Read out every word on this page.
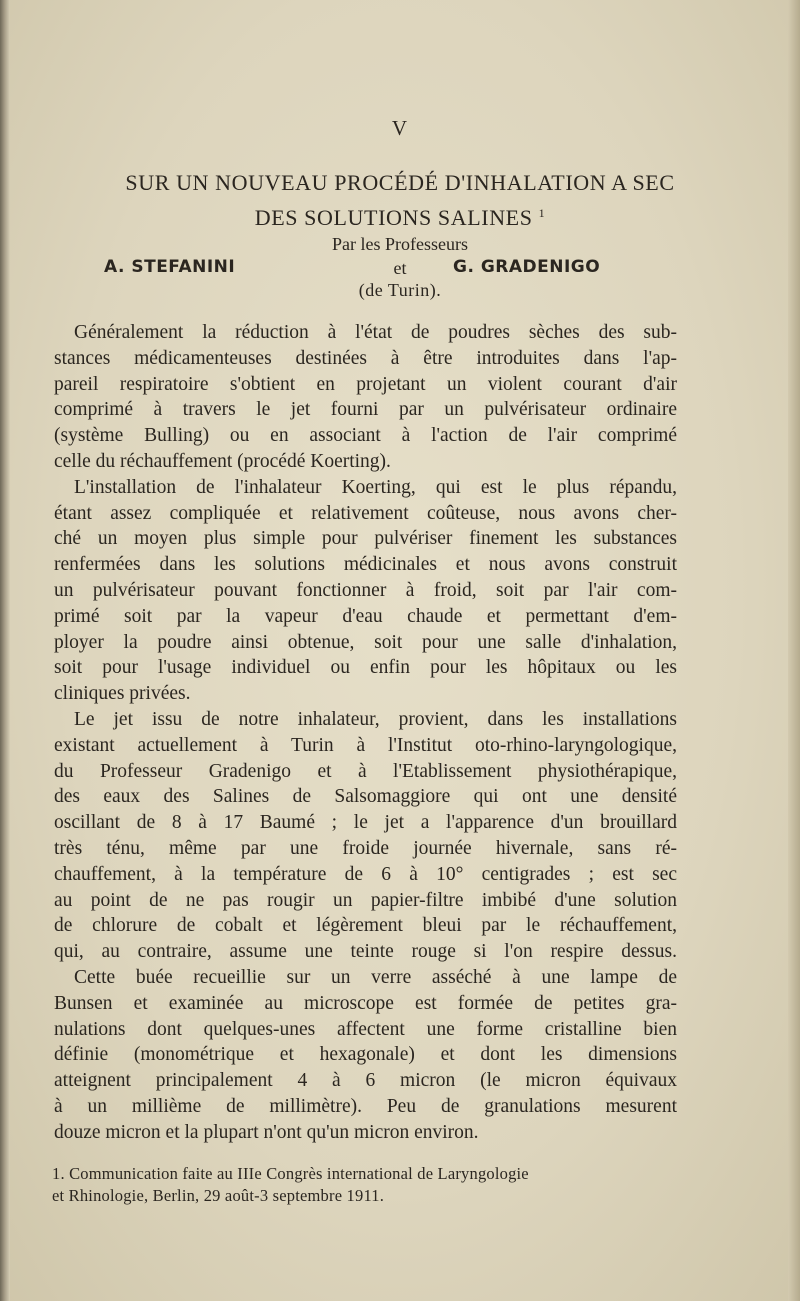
V
SUR UN NOUVEAU PROCÉDÉ D'INHALATION A SEC
DES SOLUTIONS SALINES $^1$
Par les Professeurs
A. STEFANINI	et	G. GRADENIGO
(de Turin).
Généralement la réduction à l'état de poudres sèches des sub-
stances médicamenteuses destinées à être introduites dans l'ap-
pareil respiratoire s'obtient en projetant un violent courant d'air
comprimé à travers le jet fourni par un pulvérisateur ordinaire
(système Bulling) ou en associant à l'action de l'air comprimé
celle du réchauffement (procédé Koerting).
L'installation de l'inhalateur Koerting, qui est le plus répandu,
étant assez compliquée et relativement coûteuse, nous avons cher-
ché un moyen plus simple pour pulvériser finement les substances
renfermées dans les solutions médicinales et nous avons construit
un pulvérisateur pouvant fonctionner à froid, soit par l'air com-
primé soit par la vapeur d'eau chaude et permettant d'em-
ployer la poudre ainsi obtenue, soit pour une salle d'inhalation,
soit pour l'usage individuel ou enfin pour les hôpitaux ou les
cliniques privées.
Le jet issu de notre inhalateur, provient, dans les installations
existant actuellement à Turin à l'Institut oto-rhino-laryngologique,
du Professeur Gradenigo et à l'Etablissement physiothérapique,
des eaux des Salines de Salsomaggiore qui ont une densité
oscillant de 8 à 17 Baumé ; le jet a l'apparence d'un brouillard
très ténu, même par une froide journée hivernale, sans ré-
chauffement, à la température de 6 à 10° centigrades ; est sec
au point de ne pas rougir un papier-filtre imbibé d'une solution
de chlorure de cobalt et légèrement bleui par le réchauffement,
qui, au contraire, assume une teinte rouge si l'on respire dessus.
Cette buée recueillie sur un verre asséché à une lampe de
Bunsen et examinée au microscope est formée de petites gra-
nulations dont quelques-unes affectent une forme cristalline bien
définie (monométrique et hexagonale) et dont les dimensions
atteignent principalement 4 à 6 micron (le micron équivaux
à un millième de millimètre). Peu de granulations mesurent
douze micron et la plupart n'ont qu'un micron environ.
1. Communication faite au IIIe Congrès international de Laryngologie
et Rhinologie, Berlin, 29 août-3 septembre 1911.
